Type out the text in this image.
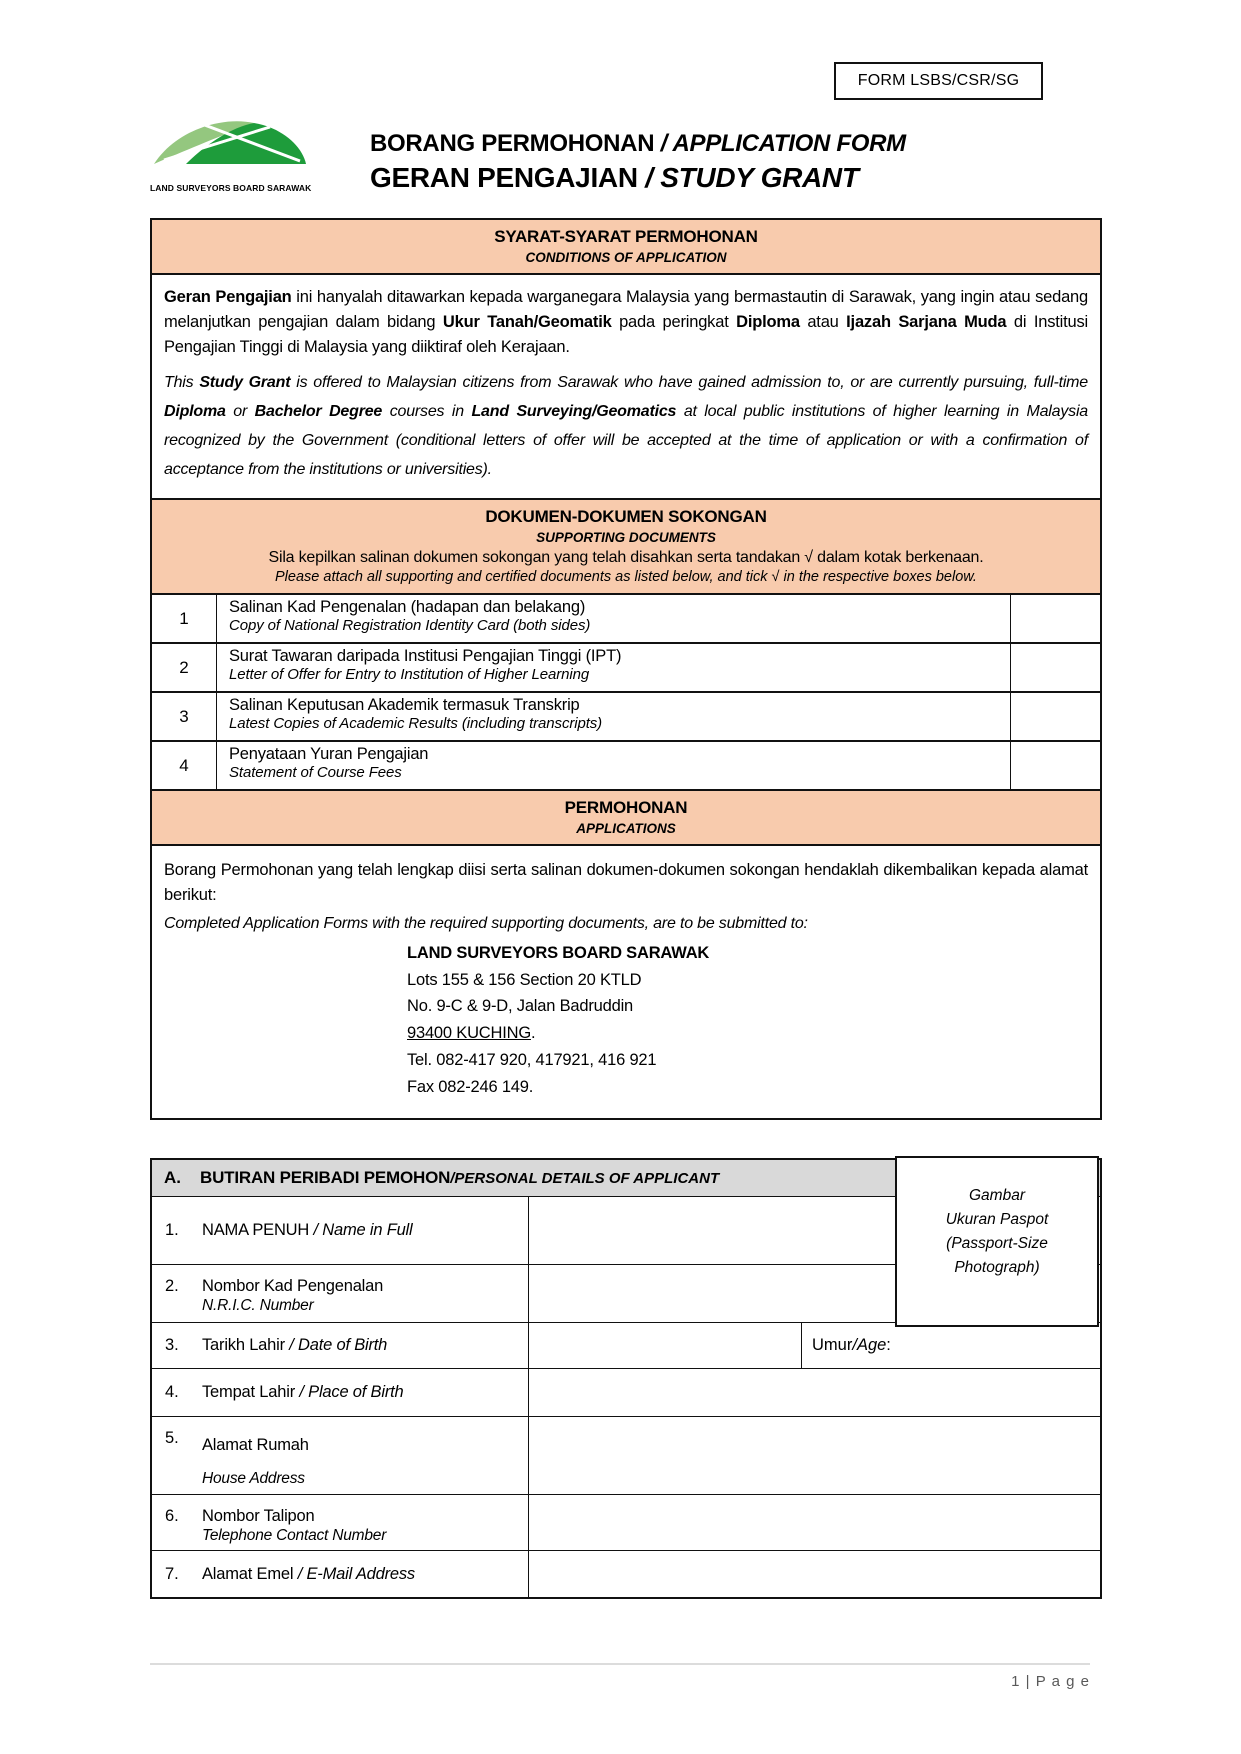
FORM LSBS/CSR/SG
LAND SURVEYORS BOARD SARAWAK
BORANG PERMOHONAN / APPLICATION FORM
GERAN PENGAJIAN / STUDY GRANT
SYARAT-SYARAT PERMOHONAN
CONDITIONS OF APPLICATION
Geran Pengajian ini hanyalah ditawarkan kepada warganegara Malaysia yang bermastautin di Sarawak, yang ingin atau sedang melanjutkan pengajian dalam bidang Ukur Tanah/Geomatik pada peringkat Diploma atau Ijazah Sarjana Muda di Institusi Pengajian Tinggi di Malaysia yang diiktiraf oleh Kerajaan.
This Study Grant is offered to Malaysian citizens from Sarawak who have gained admission to, or are currently pursuing, full-time Diploma or Bachelor Degree courses in Land Surveying/Geomatics at local public institutions of higher learning in Malaysia recognized by the Government (conditional letters of offer will be accepted at the time of application or with a confirmation of acceptance from the institutions or universities).
DOKUMEN-DOKUMEN SOKONGAN
SUPPORTING DOCUMENTS
Sila kepilkan salinan dokumen sokongan yang telah disahkan serta tandakan √ dalam kotak berkenaan.
Please attach all supporting and certified documents as listed below, and tick √ in the respective boxes below.
1
Salinan Kad Pengenalan (hadapan dan belakang)
Copy of National Registration Identity Card (both sides)
2
Surat Tawaran daripada Institusi Pengajian Tinggi (IPT)
Letter of Offer for Entry to Institution of Higher Learning
3
Salinan Keputusan Akademik termasuk Transkrip
Latest Copies of Academic Results (including transcripts)
4
Penyataan Yuran Pengajian
Statement of Course Fees
PERMOHONAN
APPLICATIONS
Borang Permohonan yang telah lengkap diisi serta salinan dokumen-dokumen sokongan hendaklah dikembalikan kepada alamat berikut:
Completed Application Forms with the required supporting documents, are to be submitted to:
LAND SURVEYORS BOARD SARAWAK
Lots 155 & 156 Section 20 KTLD
No. 9-C & 9-D, Jalan Badruddin
93400 KUCHING.
Tel. 082-417 920, 417921, 416 921
Fax 082-246 149.
A.	BUTIRAN PERIBADI PEMOHON / PERSONAL DETAILS OF APPLICANT
Gambar
Ukuran Paspot
(Passport-Size
Photograph)
1.	NAMA PENUH / Name in Full
2.	Nombor Kad Pengenalan
N.R.I.C. Number
3.	Tarikh Lahir / Date of Birth	Umur / Age :
4.	Tempat Lahir / Place of Birth
5.	Alamat Rumah
House Address
6.	Nombor Talipon
Telephone Contact Number
7.	Alamat Emel / E-Mail Address
1 | P a g e
